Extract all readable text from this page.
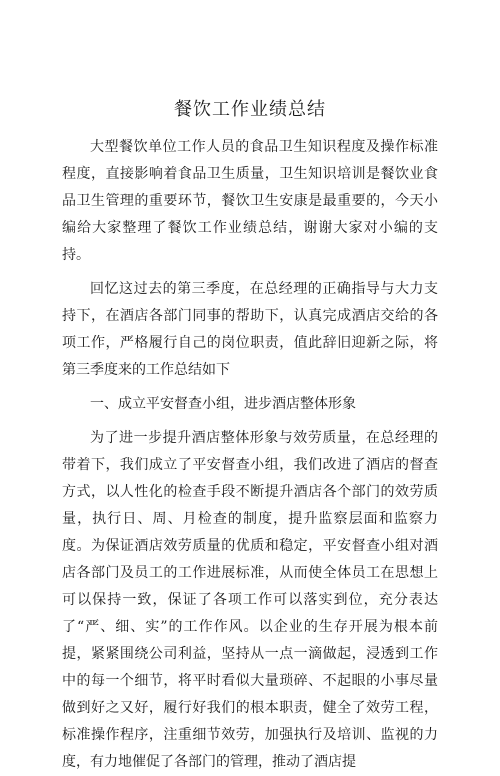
餐饮工作业绩总结

大型餐饮单位工作人员的食品卫生知识程度及操作标准程度，直接影响着食品卫生质量，卫生知识培训是餐饮业食品卫生管理的重要环节，餐饮卫生安康是最重要的，今天小编给大家整理了餐饮工作业绩总结，谢谢大家对小编的支持。

回忆这过去的第三季度，在总经理的正确指导与大力支持下，在酒店各部门同事的帮助下，认真完成酒店交给的各项工作，严格履行自己的岗位职责，值此辞旧迎新之际，将第三季度来的工作总结如下

一、成立平安督查小组，进步酒店整体形象

为了进一步提升酒店整体形象与效劳质量，在总经理的带着下，我们成立了平安督查小组，我们改进了酒店的督查方式，以人性化的检查手段不断提升酒店各个部门的效劳质量，执行日、周、月检查的制度，提升监察层面和监察力度。为保证酒店效劳质量的优质和稳定，平安督查小组对酒店各部门及员工的工作进展标准，从而使全体员工在思想上可以保持一致，保证了各项工作可以落实到位，充分表达了“严、细、实”的工作作风。以企业的生存开展为根本前提，紧紧围绕公司利益，坚持从一点一滴做起，浸透到工作中的每一个细节，将平时看似大量琐碎、不起眼的小事尽量做到好之又好，履行好我们的根本职责，健全了效劳工程，标准操作程序，注重细节效劳，加强执行及培训、监视的力度，有力地催促了各部门的管理，推动了酒店提
